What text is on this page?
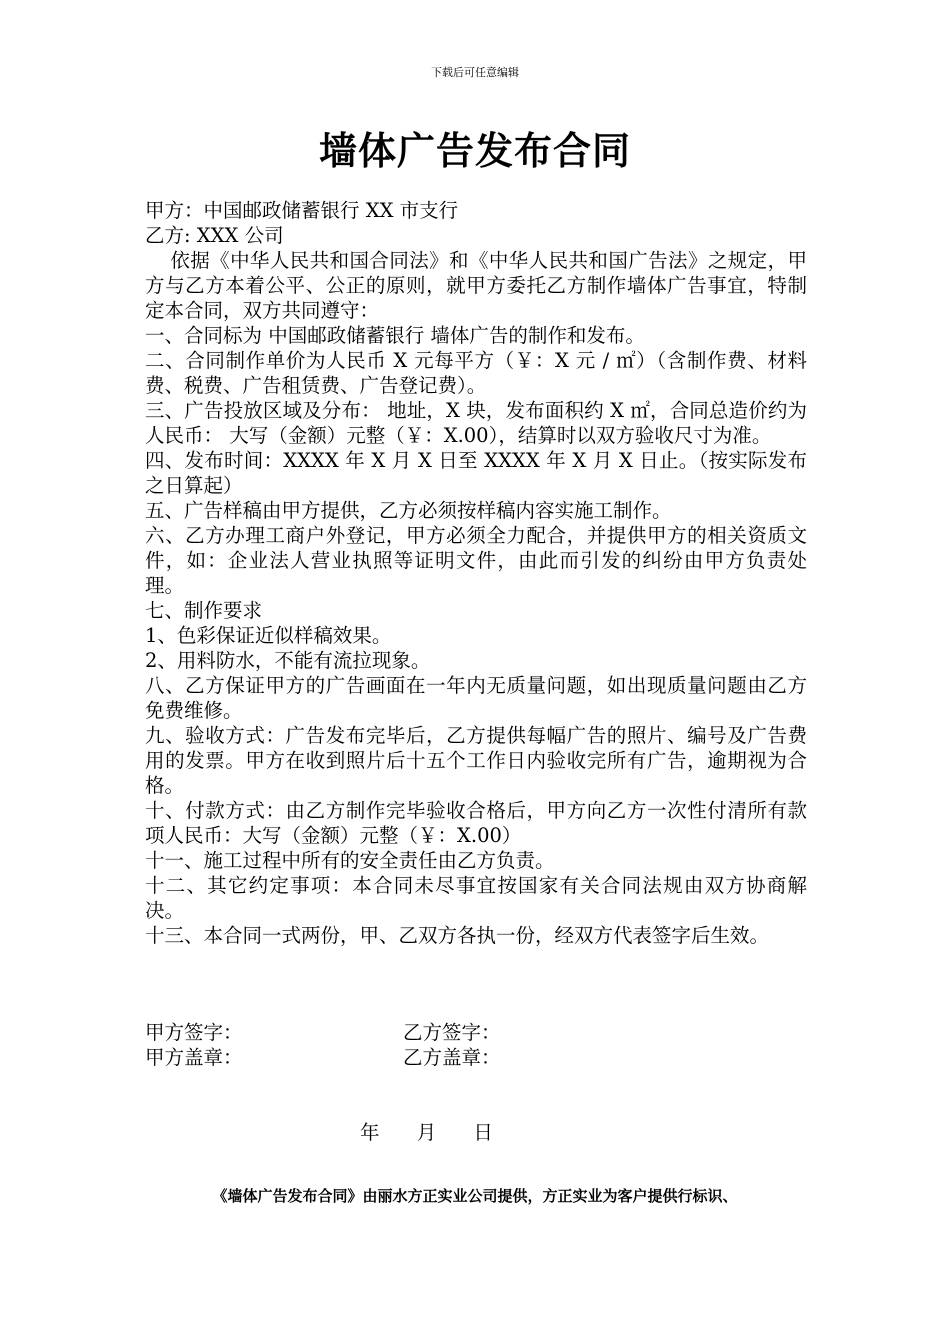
下载后可任意编辑
墙体广告发布合同

甲方：中国邮政储蓄银行 XX 市支行

乙方: XXX 公司

依据《中华人民共和国合同法》和《中华人民共和国广告法》之规定，甲方与乙方本着公平、公正的原则，就甲方委托乙方制作墙体广告事宜，特制定本合同，双方共同遵守：

一、合同标为 中国邮政储蓄银行 墙体广告的制作和发布。

二、合同制作单价为人民币 X 元每平方（￥：X 元 / ㎡）（含制作费、材料费、税费、广告租赁费、广告登记费）。

三、广告投放区域及分布： 地址，X 块，发布面积约 X ㎡，合同总造价约为人民币： 大写（金额）元整（￥：X.00），结算时以双方验收尺寸为准。

四、发布时间：XXXX 年 X 月 X 日至 XXXX 年 X 月 X 日止。（按实际发布之日算起）

五、广告样稿由甲方提供，乙方必须按样稿内容实施工制作。

六、乙方办理工商户外登记，甲方必须全力配合，并提供甲方的相关资质文件，如：企业法人营业执照等证明文件，由此而引发的纠纷由甲方负责处理。

七、制作要求

1、色彩保证近似样稿效果。

2、用料防水，不能有流拉现象。

八、乙方保证甲方的广告画面在一年内无质量问题，如出现质量问题由乙方免费维修。

九、验收方式：广告发布完毕后，乙方提供每幅广告的照片、编号及广告费用的发票。甲方在收到照片后十五个工作日内验收完所有广告，逾期视为合格。

十、付款方式：由乙方制作完毕验收合格后，甲方向乙方一次性付清所有款项人民币：大写（金额）元整（￥：X.00）

十一、施工过程中所有的安全责任由乙方负责。

十二、其它约定事项：本合同未尽事宜按国家有关合同法规由双方协商解决。

十三、本合同一式两份，甲、乙双方各执一份，经双方代表签字后生效。

甲方签字：	乙方签字：
甲方盖章：	乙方盖章：
年      月      日
《墙体广告发布合同》由丽水方正实业公司提供，方正实业为客户提供行标识、
